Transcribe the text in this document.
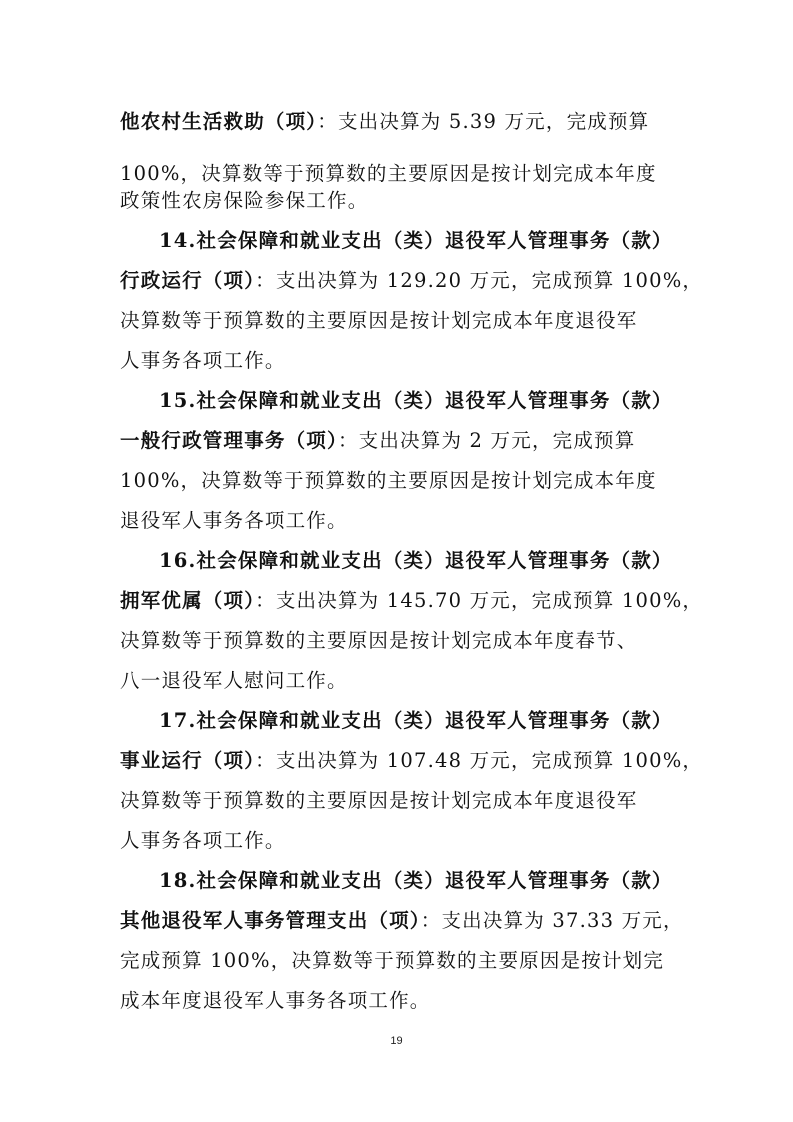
他农村生活救助（项）：支出决算为 5.39 万元，完成预算
100%，决算数等于预算数的主要原因是按计划完成本年度
政策性农房保险参保工作。
14.社会保障和就业支出（类）退役军人管理事务（款）
行政运行（项）：支出决算为 129.20 万元，完成预算 100%，
决算数等于预算数的主要原因是按计划完成本年度退役军
人事务各项工作。
15.社会保障和就业支出（类）退役军人管理事务（款）
一般行政管理事务（项）：支出决算为 2 万元，完成预算
100%，决算数等于预算数的主要原因是按计划完成本年度
退役军人事务各项工作。
16.社会保障和就业支出（类）退役军人管理事务（款）
拥军优属（项）：支出决算为 145.70 万元，完成预算 100%，
决算数等于预算数的主要原因是按计划完成本年度春节、
八一退役军人慰问工作。
17.社会保障和就业支出（类）退役军人管理事务（款）
事业运行（项）：支出决算为 107.48 万元，完成预算 100%，
决算数等于预算数的主要原因是按计划完成本年度退役军
人事务各项工作。
18.社会保障和就业支出（类）退役军人管理事务（款）
其他退役军人事务管理支出（项）：支出决算为 37.33 万元，
完成预算 100%，决算数等于预算数的主要原因是按计划完
成本年度退役军人事务各项工作。
19
